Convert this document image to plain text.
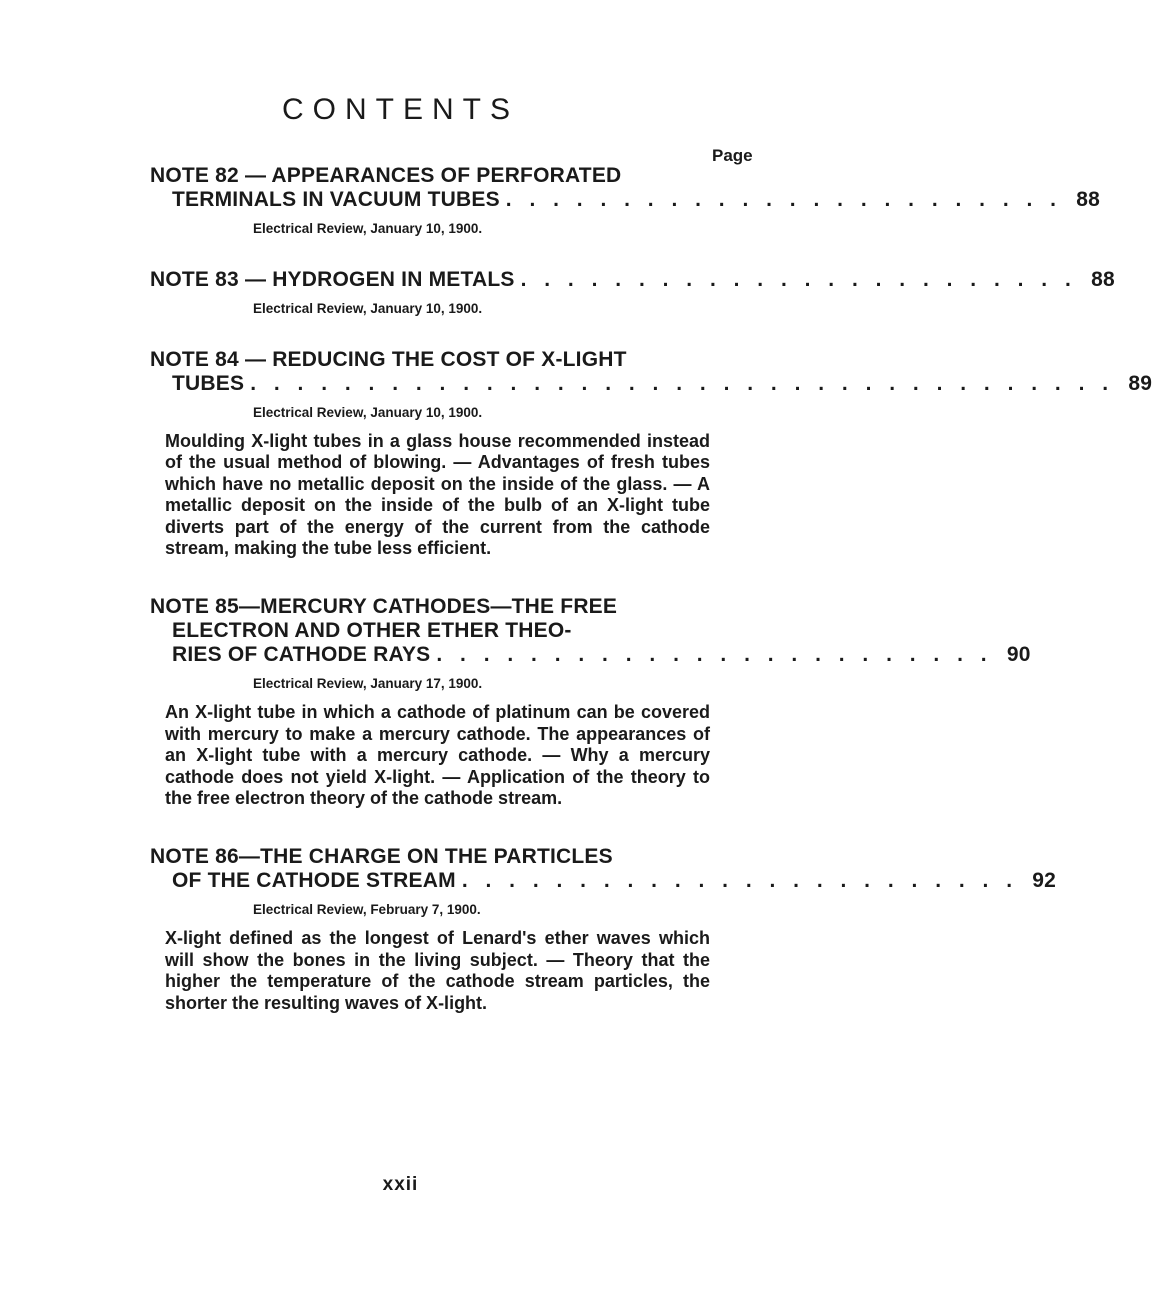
CONTENTS
Page
NOTE 82 — APPEARANCES OF PERFORATED
TERMINALS IN VACUUM TUBES . . . . . . . . . . . . . . . . . . . . . . . . 88
Electrical Review, January 10, 1900.
NOTE 83 — HYDROGEN IN METALS . . . . . . . . . . . . . . . . . . . . . . . . 88
Electrical Review, January 10, 1900.
NOTE 84 — REDUCING THE COST OF X-LIGHT
TUBES . . . . . . . . . . . . . . . . . . . . . . . . . . . . . . . . . . . . . 89
Electrical Review, January 10, 1900.
Moulding X-light tubes in a glass house recommended instead of the usual method of blowing. — Advantages of fresh tubes which have no metallic deposit on the inside of the glass. — A metallic deposit on the inside of the bulb of an X-light tube diverts part of the energy of the current from the cathode stream, making the tube less efficient.
NOTE 85—MERCURY CATHODES—THE FREE
ELECTRON AND OTHER ETHER THEO-
RIES OF CATHODE RAYS . . . . . . . . . . . . . . . . . . . . . . . . 90
Electrical Review, January 17, 1900.
An X-light tube in which a cathode of platinum can be covered with mercury to make a mercury cathode. The appearances of an X-light tube with a mercury cathode. — Why a mercury cathode does not yield X-light. — Application of the theory to the free electron theory of the cathode stream.
NOTE 86—THE CHARGE ON THE PARTICLES
OF THE CATHODE STREAM . . . . . . . . . . . . . . . . . . . . . . . . 92
Electrical Review, February 7, 1900.
X-light defined as the longest of Lenard's ether waves which will show the bones in the living subject. — Theory that the higher the temperature of the cathode stream particles, the shorter the resulting waves of X-light.
xxii
